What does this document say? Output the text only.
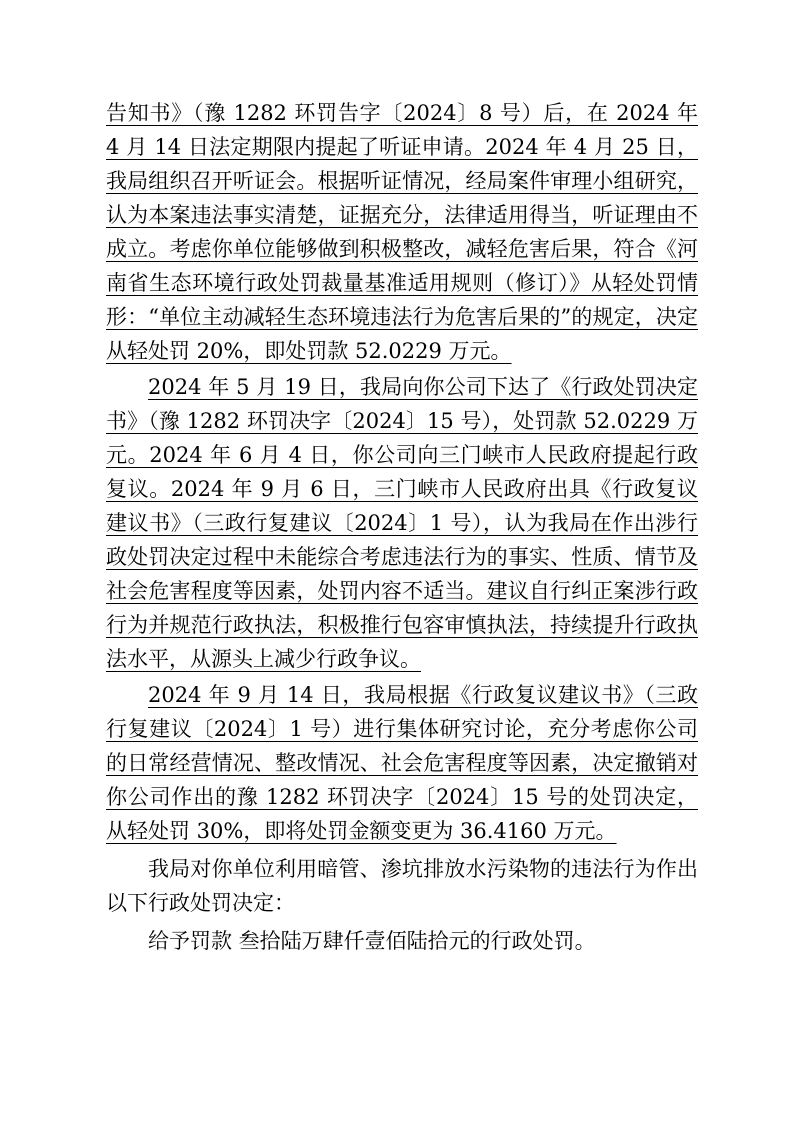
告知书》（豫 1282 环罚告字〔2024〕8 号）后，在 2024 年 4 月 14 日法定期限内提起了听证申请。2024 年 4 月 25 日，我局组织召开听证会。根据听证情况，经局案件审理小组研究，认为本案违法事实清楚，证据充分，法律适用得当，听证理由不成立。考虑你单位能够做到积极整改，减轻危害后果，符合《河南省生态环境行政处罚裁量基准适用规则（修订）》从轻处罚情形：“单位主动减轻生态环境违法行为危害后果的”的规定，决定从轻处罚 20%，即处罚款 52.0229 万元。

2024 年 5 月 19 日，我局向你公司下达了《行政处罚决定书》（豫 1282 环罚决字〔2024〕15 号），处罚款 52.0229 万元。2024 年 6 月 4 日，你公司向三门峡市人民政府提起行政复议。2024 年 9 月 6 日，三门峡市人民政府出具《行政复议建议书》（三政行复建议〔2024〕1 号），认为我局在作出涉行政处罚决定过程中未能综合考虑违法行为的事实、性质、情节及社会危害程度等因素，处罚内容不适当。建议自行纠正案涉行政行为并规范行政执法，积极推行包容审慎执法，持续提升行政执法水平，从源头上减少行政争议。

2024 年 9 月 14 日，我局根据《行政复议建议书》（三政行复建议〔2024〕1 号）进行集体研究讨论，充分考虑你公司的日常经营情况、整改情况、社会危害程度等因素，决定撤销对你公司作出的豫 1282 环罚决字〔2024〕15 号的处罚决定，从轻处罚 30%，即将处罚金额变更为 36.4160 万元。

我局对你单位利用暗管、渗坑排放水污染物的违法行为作出以下行政处罚决定：

给予罚款 叁拾陆万肆仟壹佰陆拾元的行政处罚。
